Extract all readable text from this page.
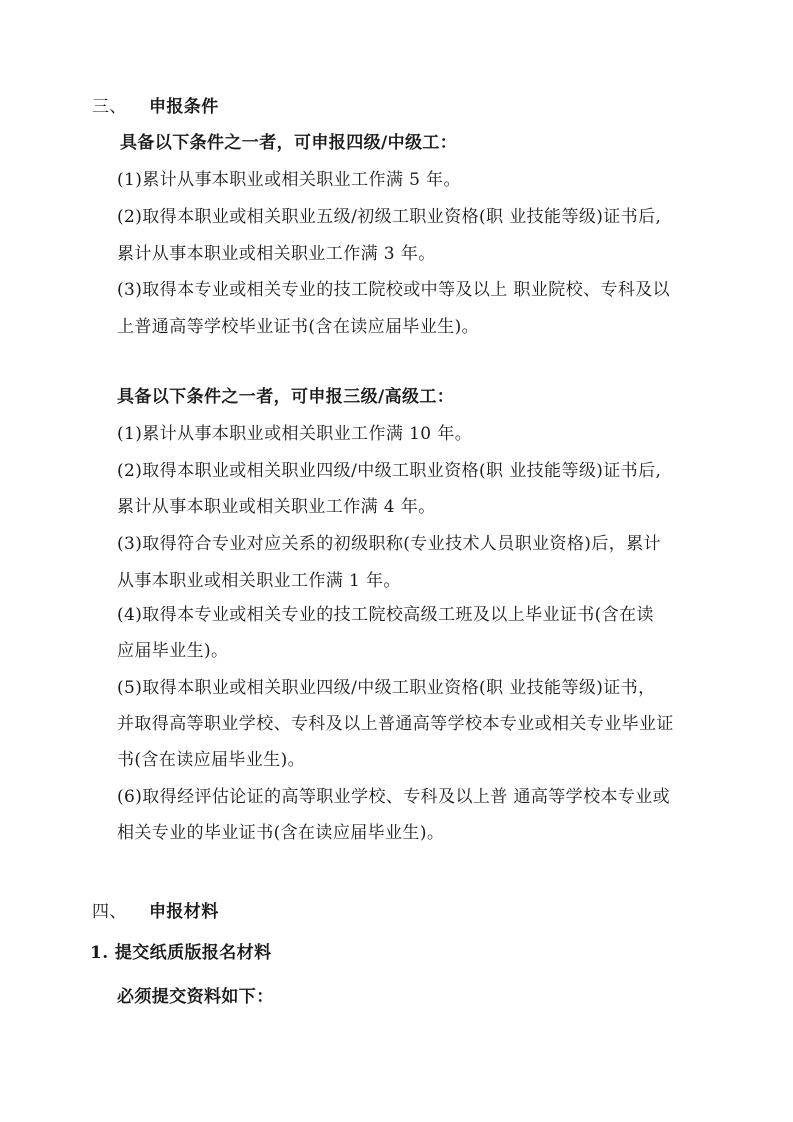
三、 申报条件
具备以下条件之一者，可申报四级/中级工：
(1)累计从事本职业或相关职业工作满 5 年。
(2)取得本职业或相关职业五级/初级工职业资格(职 业技能等级)证书后,
累计从事本职业或相关职业工作满 3 年。
(3)取得本专业或相关专业的技工院校或中等及以上 职业院校、专科及以
上普通高等学校毕业证书(含在读应届毕业生)。
具备以下条件之一者，可申报三级/高级工：
(1)累计从事本职业或相关职业工作满 10 年。
(2)取得本职业或相关职业四级/中级工职业资格(职 业技能等级)证书后,
累计从事本职业或相关职业工作满 4 年。
(3)取得符合专业对应关系的初级职称(专业技术人员职业资格)后，累计
从事本职业或相关职业工作满 1 年。
(4)取得本专业或相关专业的技工院校高级工班及以上毕业证书(含在读
应届毕业生)。
(5)取得本职业或相关职业四级/中级工职业资格(职 业技能等级)证书，
并取得高等职业学校、专科及以上普通高等学校本专业或相关专业毕业证
书(含在读应届毕业生)。
(6)取得经评估论证的高等职业学校、专科及以上普 通高等学校本专业或
相关专业的毕业证书(含在读应届毕业生)。
四、 申报材料
1. 提交纸质版报名材料
必须提交资料如下：
